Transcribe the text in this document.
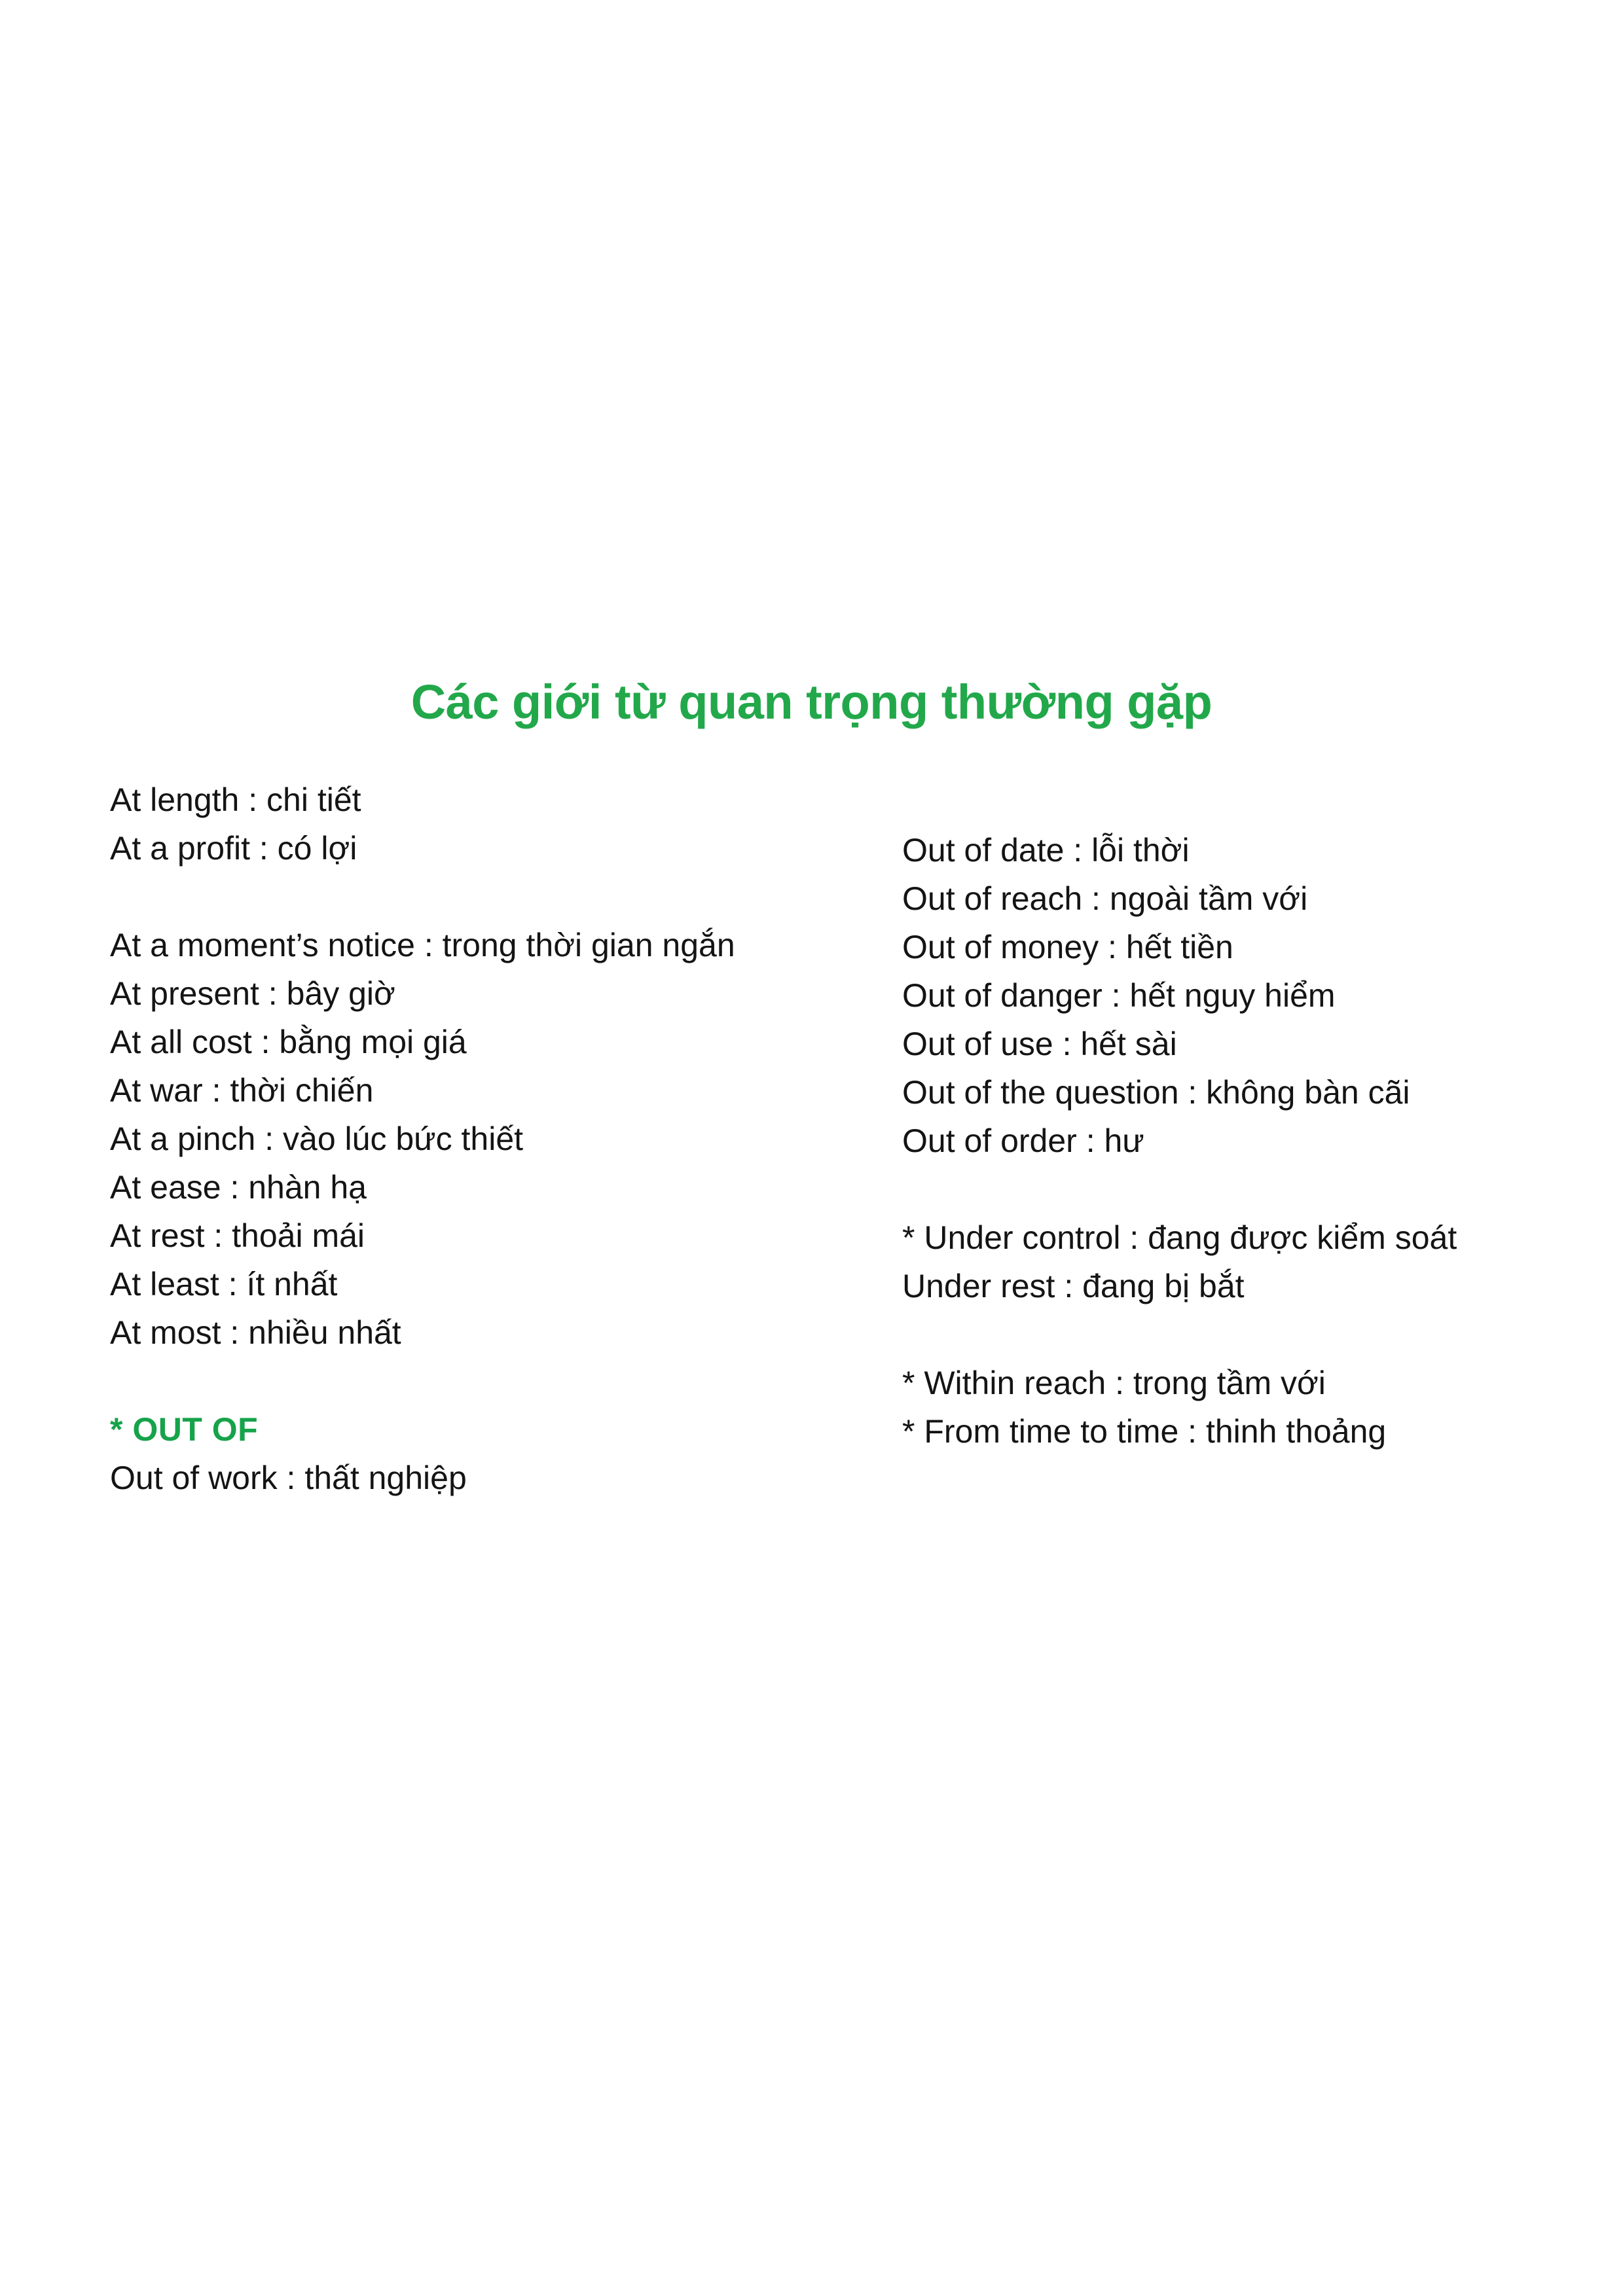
Các giới từ quan trọng thường gặp

At length : chi tiết

At a profit : có lợi

At a moment’s notice : trong thời gian ngắn

At present : bây giờ

At all cost : bằng mọi giá

At war : thời chiến

At a pinch : vào lúc bức thiết

At ease : nhàn hạ

At rest : thoải mái

At least : ít nhất

At most : nhiều nhất

* OUT OF

Out of work : thất nghiệp

Out of date : lỗi thời

Out of reach : ngoài tầm với

Out of money : hết tiền

Out of danger : hết nguy hiểm

Out of use : hết sài

Out of the question : không bàn cãi

Out of order : hư

* Under control : đang được kiểm soát

Under rest : đang bị bắt

* Within reach : trong tầm với

* From time to time : thinh thoảng
